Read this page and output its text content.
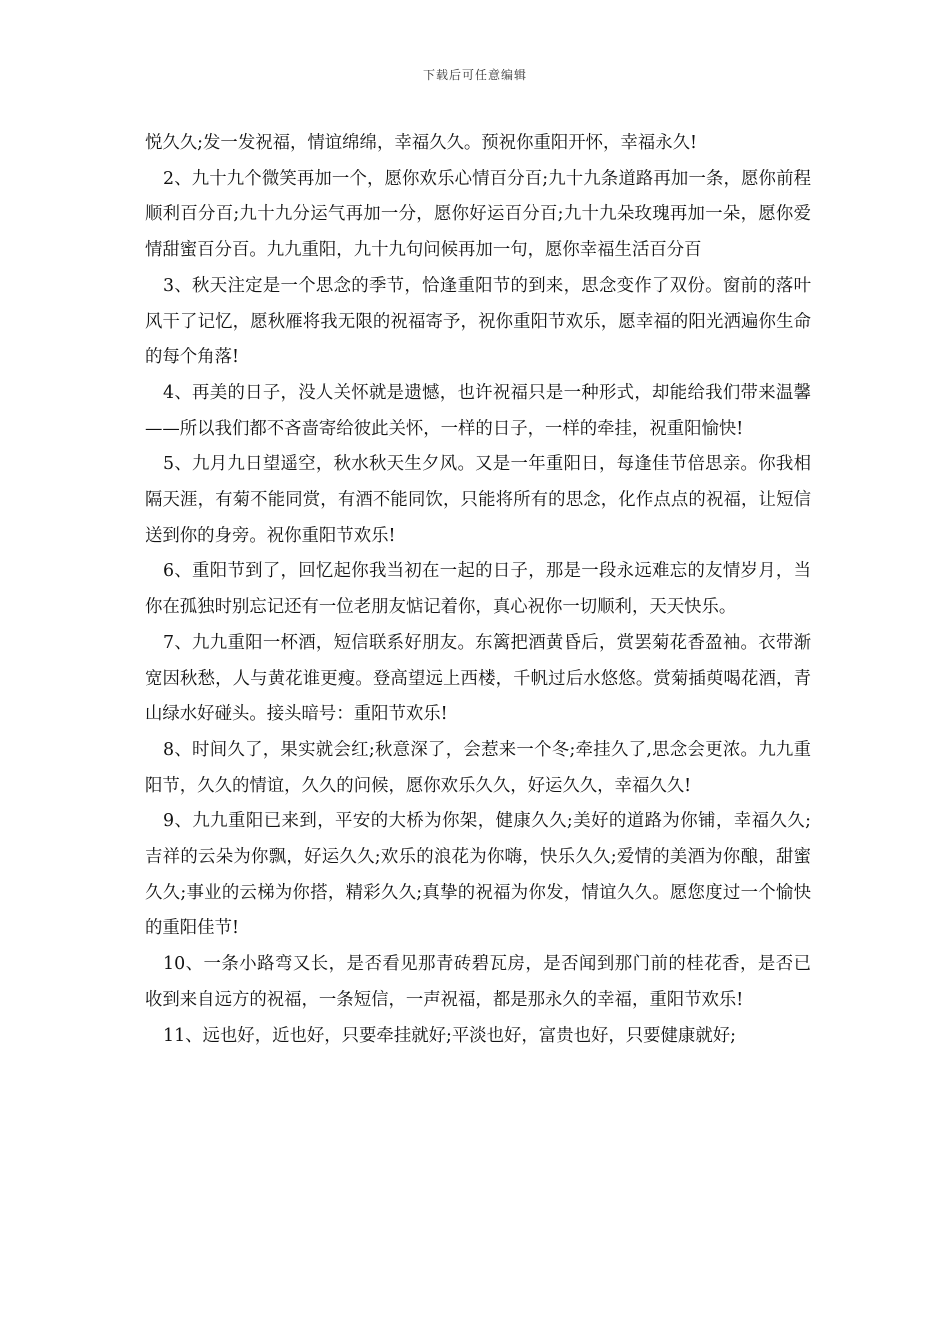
下载后可任意编辑

悦久久;发一发祝福，情谊绵绵，幸福久久。预祝你重阳开怀，幸福永久!

2、九十九个微笑再加一个，愿你欢乐心情百分百;九十九条道路再加一条，愿你前程顺利百分百;九十九分运气再加一分，愿你好运百分百;九十九朵玫瑰再加一朵，愿你爱情甜蜜百分百。九九重阳，九十九句问候再加一句，愿你幸福生活百分百

3、秋天注定是一个思念的季节，恰逢重阳节的到来，思念变作了双份。窗前的落叶风干了记忆，愿秋雁将我无限的祝福寄予，祝你重阳节欢乐，愿幸福的阳光洒遍你生命的每个角落!

4、再美的日子，没人关怀就是遗憾，也许祝福只是一种形式，却能给我们带来温馨——所以我们都不吝啬寄给彼此关怀，一样的日子，一样的牵挂，祝重阳愉快!

5、九月九日望遥空，秋水秋天生夕风。又是一年重阳日，每逢佳节倍思亲。你我相隔天涯，有菊不能同赏，有酒不能同饮，只能将所有的思念，化作点点的祝福，让短信送到你的身旁。祝你重阳节欢乐!

6、重阳节到了，回忆起你我当初在一起的日子，那是一段永远难忘的友情岁月，当你在孤独时别忘记还有一位老朋友惦记着你，真心祝你一切顺利，天天快乐。

7、九九重阳一杯酒，短信联系好朋友。东篱把酒黄昏后，赏罢菊花香盈袖。衣带渐宽因秋愁，人与黄花谁更瘦。登高望远上西楼，千帆过后水悠悠。赏菊插萸喝花酒，青山绿水好碰头。接头暗号：重阳节欢乐!

8、时间久了，果实就会红;秋意深了，会惹来一个冬;牵挂久了,思念会更浓。九九重阳节，久久的情谊，久久的问候，愿你欢乐久久，好运久久，幸福久久!

9、九九重阳已来到，平安的大桥为你架，健康久久;美好的道路为你铺，幸福久久;吉祥的云朵为你飘，好运久久;欢乐的浪花为你嗨，快乐久久;爱情的美酒为你酿，甜蜜久久;事业的云梯为你搭，精彩久久;真挚的祝福为你发，情谊久久。愿您度过一个愉快的重阳佳节!

10、一条小路弯又长，是否看见那青砖碧瓦房，是否闻到那门前的桂花香，是否已收到来自远方的祝福，一条短信，一声祝福，都是那永久的幸福，重阳节欢乐!

11、远也好，近也好，只要牵挂就好;平淡也好，富贵也好，只要健康就好;
